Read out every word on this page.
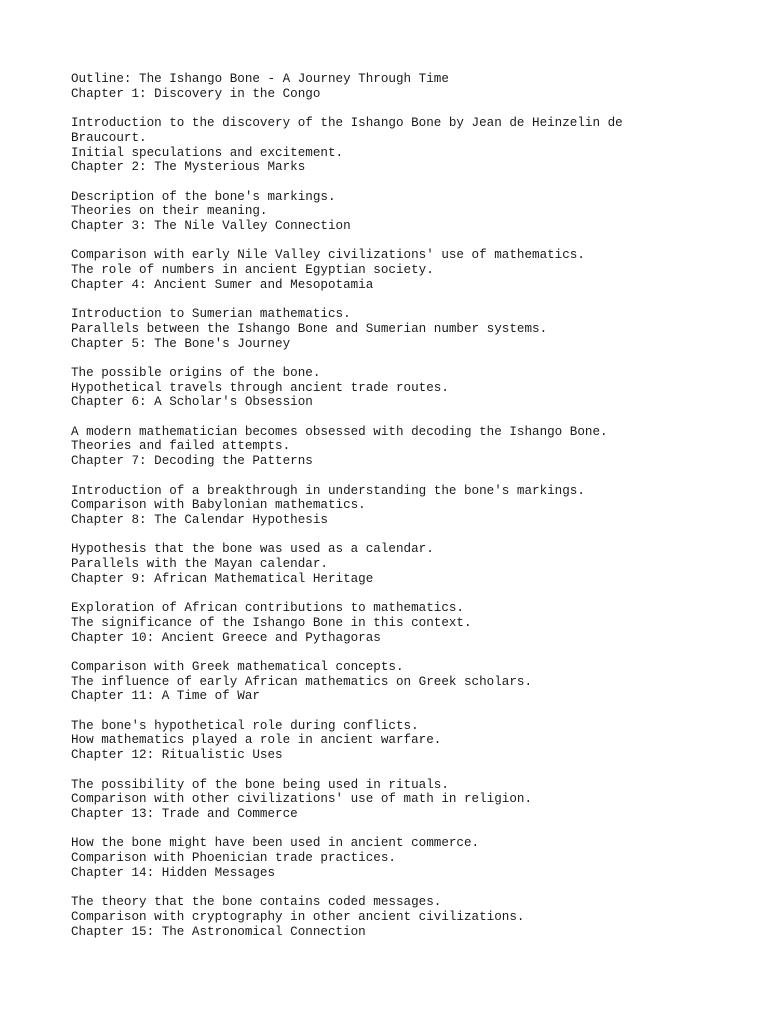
Outline: The Ishango Bone - A Journey Through Time
Chapter 1: Discovery in the Congo
Introduction to the discovery of the Ishango Bone by Jean de Heinzelin de Braucourt.
Initial speculations and excitement.
Chapter 2: The Mysterious Marks
Description of the bone's markings.
Theories on their meaning.
Chapter 3: The Nile Valley Connection
Comparison with early Nile Valley civilizations' use of mathematics.
The role of numbers in ancient Egyptian society.
Chapter 4: Ancient Sumer and Mesopotamia
Introduction to Sumerian mathematics.
Parallels between the Ishango Bone and Sumerian number systems.
Chapter 5: The Bone's Journey
The possible origins of the bone.
Hypothetical travels through ancient trade routes.
Chapter 6: A Scholar's Obsession
A modern mathematician becomes obsessed with decoding the Ishango Bone.
Theories and failed attempts.
Chapter 7: Decoding the Patterns
Introduction of a breakthrough in understanding the bone's markings.
Comparison with Babylonian mathematics.
Chapter 8: The Calendar Hypothesis
Hypothesis that the bone was used as a calendar.
Parallels with the Mayan calendar.
Chapter 9: African Mathematical Heritage
Exploration of African contributions to mathematics.
The significance of the Ishango Bone in this context.
Chapter 10: Ancient Greece and Pythagoras
Comparison with Greek mathematical concepts.
The influence of early African mathematics on Greek scholars.
Chapter 11: A Time of War
The bone's hypothetical role during conflicts.
How mathematics played a role in ancient warfare.
Chapter 12: Ritualistic Uses
The possibility of the bone being used in rituals.
Comparison with other civilizations' use of math in religion.
Chapter 13: Trade and Commerce
How the bone might have been used in ancient commerce.
Comparison with Phoenician trade practices.
Chapter 14: Hidden Messages
The theory that the bone contains coded messages.
Comparison with cryptography in other ancient civilizations.
Chapter 15: The Astronomical Connection
